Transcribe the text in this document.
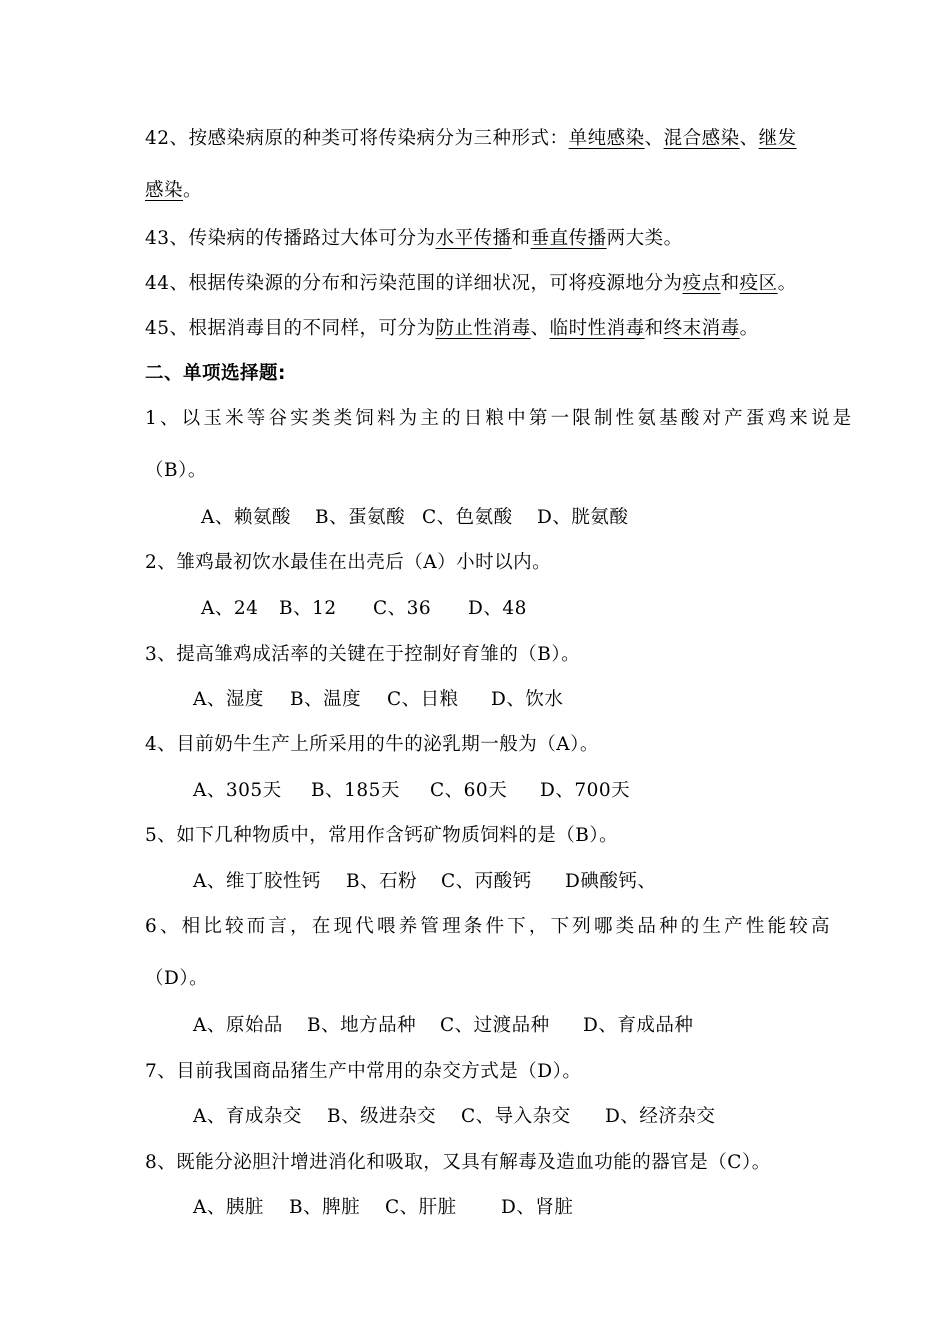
42、按感染病原的种类可将传染病分为三种形式：单纯感染、混合感染、继发
感染。
43、传染病的传播路过大体可分为水平传播和垂直传播两大类。
44、根据传染源的分布和污染范围的详细状况，可将疫源地分为疫点和疫区。
45、根据消毒目的不同样，可分为防止性消毒、临时性消毒和终末消毒。
二、单项选择题:
1、以玉米等谷实类类饲料为主的日粮中第一限制性氨基酸对产蛋鸡来说是
（B）。
A、赖氨酸 B、蛋氨酸 C、色氨酸 D、胱氨酸
2、雏鸡最初饮水最佳在出壳后（A）小时以内。
A、24 B、12 C、36 D、48
3、提高雏鸡成活率的关键在于控制好育雏的（B）。
A、湿度 B、温度 C、日粮 D、饮水
4、目前奶牛生产上所采用的牛的泌乳期一般为（A）。
A、305天 B、185天 C、60天 D、700天
5、如下几种物质中，常用作含钙矿物质饲料的是（B）。
A、维丁胶性钙 B、石粉 C、丙酸钙 D碘酸钙、
6、相比较而言，在现代喂养管理条件下，下列哪类品种的生产性能较高
（D）。
A、原始品 B、地方品种 C、过渡品种 D、育成品种
7、目前我国商品猪生产中常用的杂交方式是（D）。
A、育成杂交 B、级进杂交 C、导入杂交 D、经济杂交
8、既能分泌胆汁增进消化和吸取，又具有解毒及造血功能的器官是（C）。
A、胰脏 B、脾脏 C、肝脏 D、肾脏
